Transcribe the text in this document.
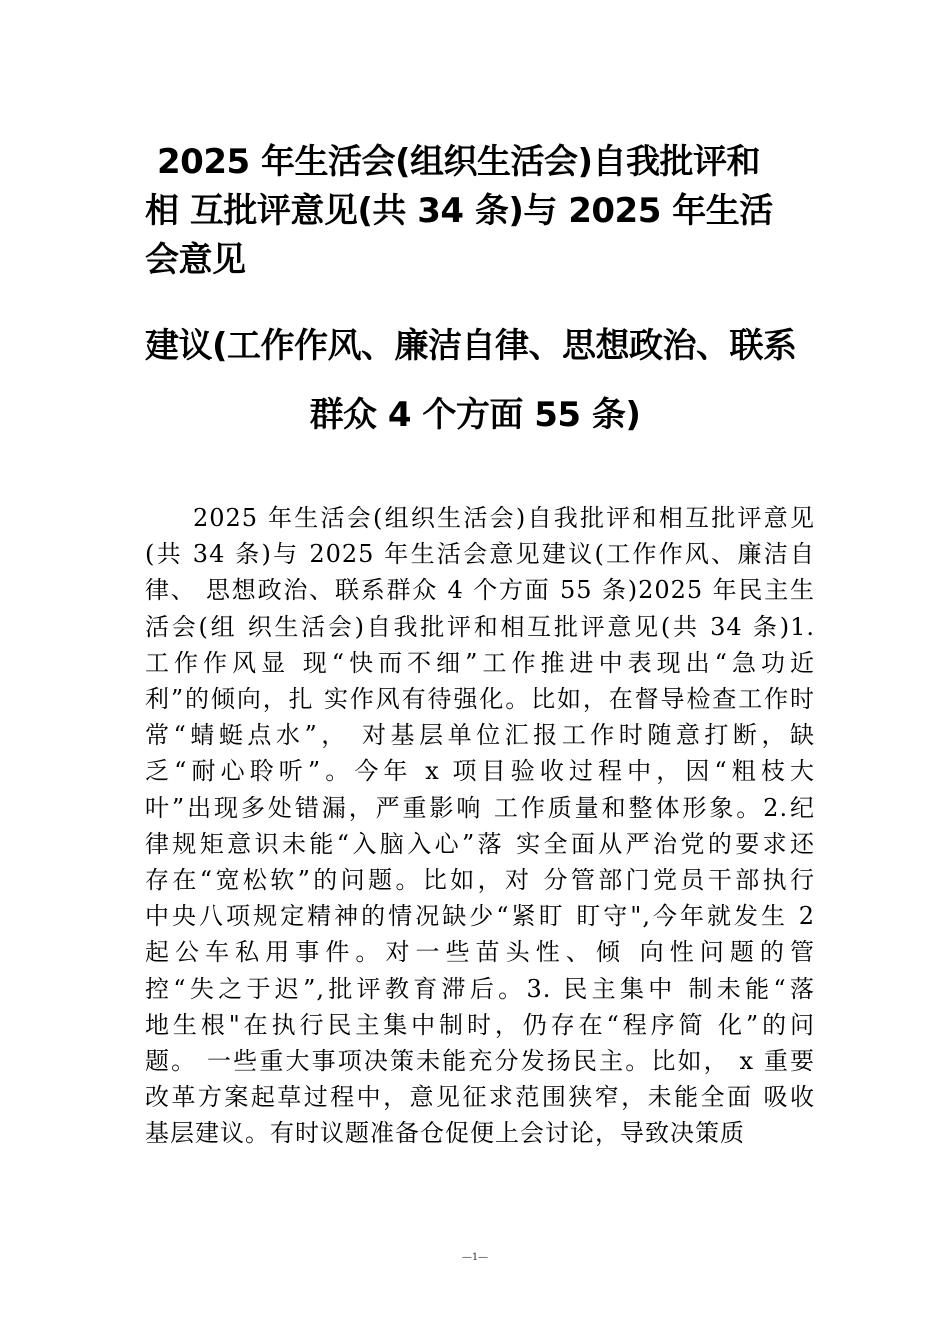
2025 年生活会(组织生活会)自我批评和
相 互批评意见(共 34 条)与 2025 年生活
会意见
建议(工作作风、廉洁自律、思想政治、联系
群众 4 个方面 55 条)
2025 年生活会(组织生活会)自我批评和相互批评意见
(共 34 条)与 2025 年生活会意见建议(工作作风、廉洁自
律、 思想政治、联系群众 4 个方面 55 条)2025 年民主生
活会(组 织生活会)自我批评和相互批评意见(共 34 条)1.
工作作风显 现“快而不细”工作推进中表现出“急功近
利”的倾向，扎 实作风有待强化。比如，在督导检查工作时
常“蜻蜓点水”， 对基层单位汇报工作时随意打断，缺
乏“耐心聆听”。今年 x 项目验收过程中，因“粗枝大
叶”出现多处错漏，严重影响 工作质量和整体形象。2.纪
律规矩意识未能“入脑入心”落 实全面从严治党的要求还
存在“宽松软”的问题。比如，对 分管部门党员干部执行
中央八项规定精神的情况缺少“紧盯 盯守",今年就发生 2
起公车私用事件。对一些苗头性、倾 向性问题的管
控“失之于迟”,批评教育滞后。3. 民主集中 制未能“落
地生根"在执行民主集中制时，仍存在“程序简 化”的问
题。 一些重大事项决策未能充分发扬民主。比如， x 重要
改革方案起草过程中，意见征求范围狭窄，未能全面 吸收
基层建议。有时议题准备仓促便上会讨论，导致决策质
—1—
